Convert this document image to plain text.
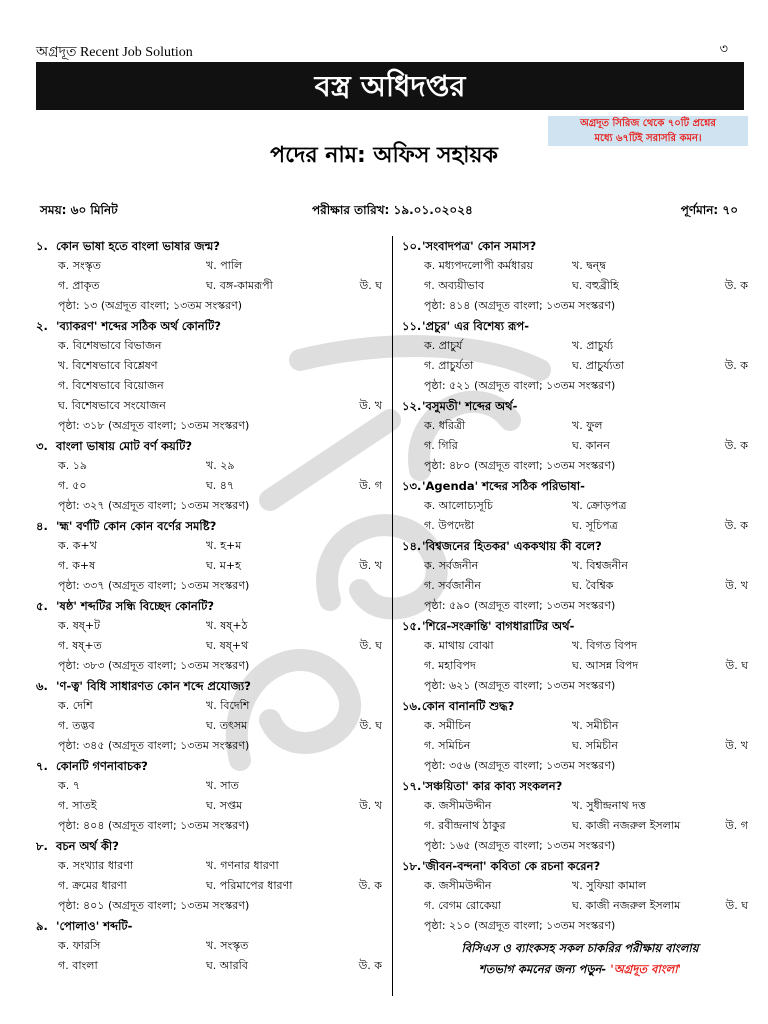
অগ্রদূত Recent Job Solution	৩
বস্ত্র অধিদপ্তর
অগ্রদূত সিরিজ থেকে ৭০টি প্রশ্নের
মধ্যে ৬৭টিই সরাসরি কমন।
পদের নাম: অফিস সহায়ক
সময়: ৬০ মিনিট	পরীক্ষার তারিখ: ১৯.০১.০২০২৪	পূর্ণমান: ৭০
১. কোন ভাষা হতে বাংলা ভাষার জন্ম?
ক. সংস্কৃত	খ. পালি
গ. প্রাকৃত	ঘ. বঙ্গ-কামরূপী	উ. ঘ
পৃষ্ঠা: ১৩ (অগ্রদূত বাংলা; ১৩তম সংস্করণ)
২. 'ব্যাকরণ' শব্দের সঠিক অর্থ কোনটি?
ক. বিশেষভাবে বিভাজন
খ. বিশেষভাবে বিশ্লেষণ
গ. বিশেষভাবে বিয়োজন
ঘ. বিশেষভাবে সংযোজন	উ. খ
পৃষ্ঠা: ৩১৮ (অগ্রদূত বাংলা; ১৩তম সংস্করণ)
৩. বাংলা ভাষায় মোট বর্ণ কয়টি?
ক. ১৯	খ. ২৯
গ. ৫০	ঘ. ৪৭	উ. গ
পৃষ্ঠা: ৩২৭ (অগ্রদূত বাংলা; ১৩তম সংস্করণ)
৪. 'হ্ম' বর্ণটি কোন কোন বর্ণের সমষ্টি?
ক. ক+খ	খ. হ+ম
গ. ক+ষ	ঘ. ম+হ	উ. খ
পৃষ্ঠা: ৩৩৭ (অগ্রদূত বাংলা; ১৩তম সংস্করণ)
৫. 'ষষ্ঠ' শব্দটির সন্ধি বিচ্ছেদ কোনটি?
ক. ষষ্+ট	খ. ষষ্+ঠ
গ. ষষ্+ত	ঘ. ষষ্+থ	উ. ঘ
পৃষ্ঠা: ৩৮৩ (অগ্রদূত বাংলা; ১৩তম সংস্করণ)
৬. 'ণ-ত্ব' বিধি সাধারণত কোন শব্দে প্রযোজ্য?
ক. দেশি	খ. বিদেশি
গ. তদ্ভব	ঘ. তৎসম	উ. ঘ
পৃষ্ঠা: ৩৪৫ (অগ্রদূত বাংলা; ১৩তম সংস্করণ)
৭. কোনটি গণনাবাচক?
ক. ৭	খ. সাত
গ. সাতই	ঘ. সপ্তম	উ. খ
পৃষ্ঠা: ৪০৪ (অগ্রদূত বাংলা; ১৩তম সংস্করণ)
৮. বচন অর্থ কী?
ক. সংখ্যার ধারণা	খ. গণনার ধারণা
গ. ক্রমের ধারণা	ঘ. পরিমাপের ধারণা	উ. ক
পৃষ্ঠা: ৪০১ (অগ্রদূত বাংলা; ১৩তম সংস্করণ)
৯. 'পোলাও' শব্দটি-
ক. ফারসি	খ. সংস্কৃত
গ. বাংলা	ঘ. আরবি	উ. ক
১০.'সংবাদপত্র' কোন সমাস?
ক. মধ্যপদলোপী কর্মধারয়	খ. দ্বন্দ্ব
গ. অব্যয়ীভাব	ঘ. বহুব্রীহি	উ. ক
পৃষ্ঠা: ৪১৪ (অগ্রদূত বাংলা; ১৩তম সংস্করণ)
১১.'প্রচুর' এর বিশেষ্য রূপ-
ক. প্রাচুর্য	খ. প্রাচুর্য্য
গ. প্রাচুর্যতা	ঘ. প্রাচুর্য্যতা	উ. ক
পৃষ্ঠা: ৫২১ (অগ্রদূত বাংলা; ১৩তম সংস্করণ)
১২.'বসুমতী' শব্দের অর্থ-
ক. ধরিত্রী	খ. ফুল
গ. গিরি	ঘ. কানন	উ. ক
পৃষ্ঠা: ৪৮০ (অগ্রদূত বাংলা; ১৩তম সংস্করণ)
১৩.'Agenda' শব্দের সঠিক পরিভাষা-
ক. আলোচ্যসূচি	খ. ক্রোড়পত্র
গ. উপদেষ্টা	ঘ. সূচিপত্র	উ. ক
১৪.'বিশ্বজনের হিতকর' এককথায় কী বলে?
ক. সর্বজনীন	খ. বিশ্বজনীন
গ. সর্বজানীন	ঘ. বৈশ্বিক	উ. খ
পৃষ্ঠা: ৫৯০ (অগ্রদূত বাংলা; ১৩তম সংস্করণ)
১৫.'শিরে-সংক্রান্তি' বাগধারাটির অর্থ-
ক. মাথায় বোঝা	খ. বিগত বিপদ
গ. মহাবিপদ	ঘ. আসন্ন বিপদ	উ. ঘ
পৃষ্ঠা: ৬২১ (অগ্রদূত বাংলা; ১৩তম সংস্করণ)
১৬.কোন বানানটি শুদ্ধ?
ক. সমীচিন	খ. সমীচীন
গ. সমিচিন	ঘ. সমিচীন	উ. খ
পৃষ্ঠা: ৩৫৬ (অগ্রদূত বাংলা; ১৩তম সংস্করণ)
১৭.'সঞ্চয়িতা' কার কাব্য সংকলন?
ক. জসীমউদ্দীন	খ. সুধীন্দ্রনাথ দত্ত
গ. রবীন্দ্রনাথ ঠাকুর	ঘ. কাজী নজরুল ইসলাম	উ. গ
পৃষ্ঠা: ১৬৫ (অগ্রদূত বাংলা; ১৩তম সংস্করণ)
১৮.'জীবন-বন্দনা' কবিতা কে রচনা করেন?
ক. জসীমউদ্দীন	খ. সুফিয়া কামাল
গ. বেগম রোকেয়া	ঘ. কাজী নজরুল ইসলাম	উ. ঘ
পৃষ্ঠা: ২১০ (অগ্রদূত বাংলা; ১৩তম সংস্করণ)
বিসিএস ও ব্যাংকসহ সকল চাকরির পরীক্ষায় বাংলায়
শতভাগ কমনের জন্য পড়ুন- 'অগ্রদূত বাংলা'
